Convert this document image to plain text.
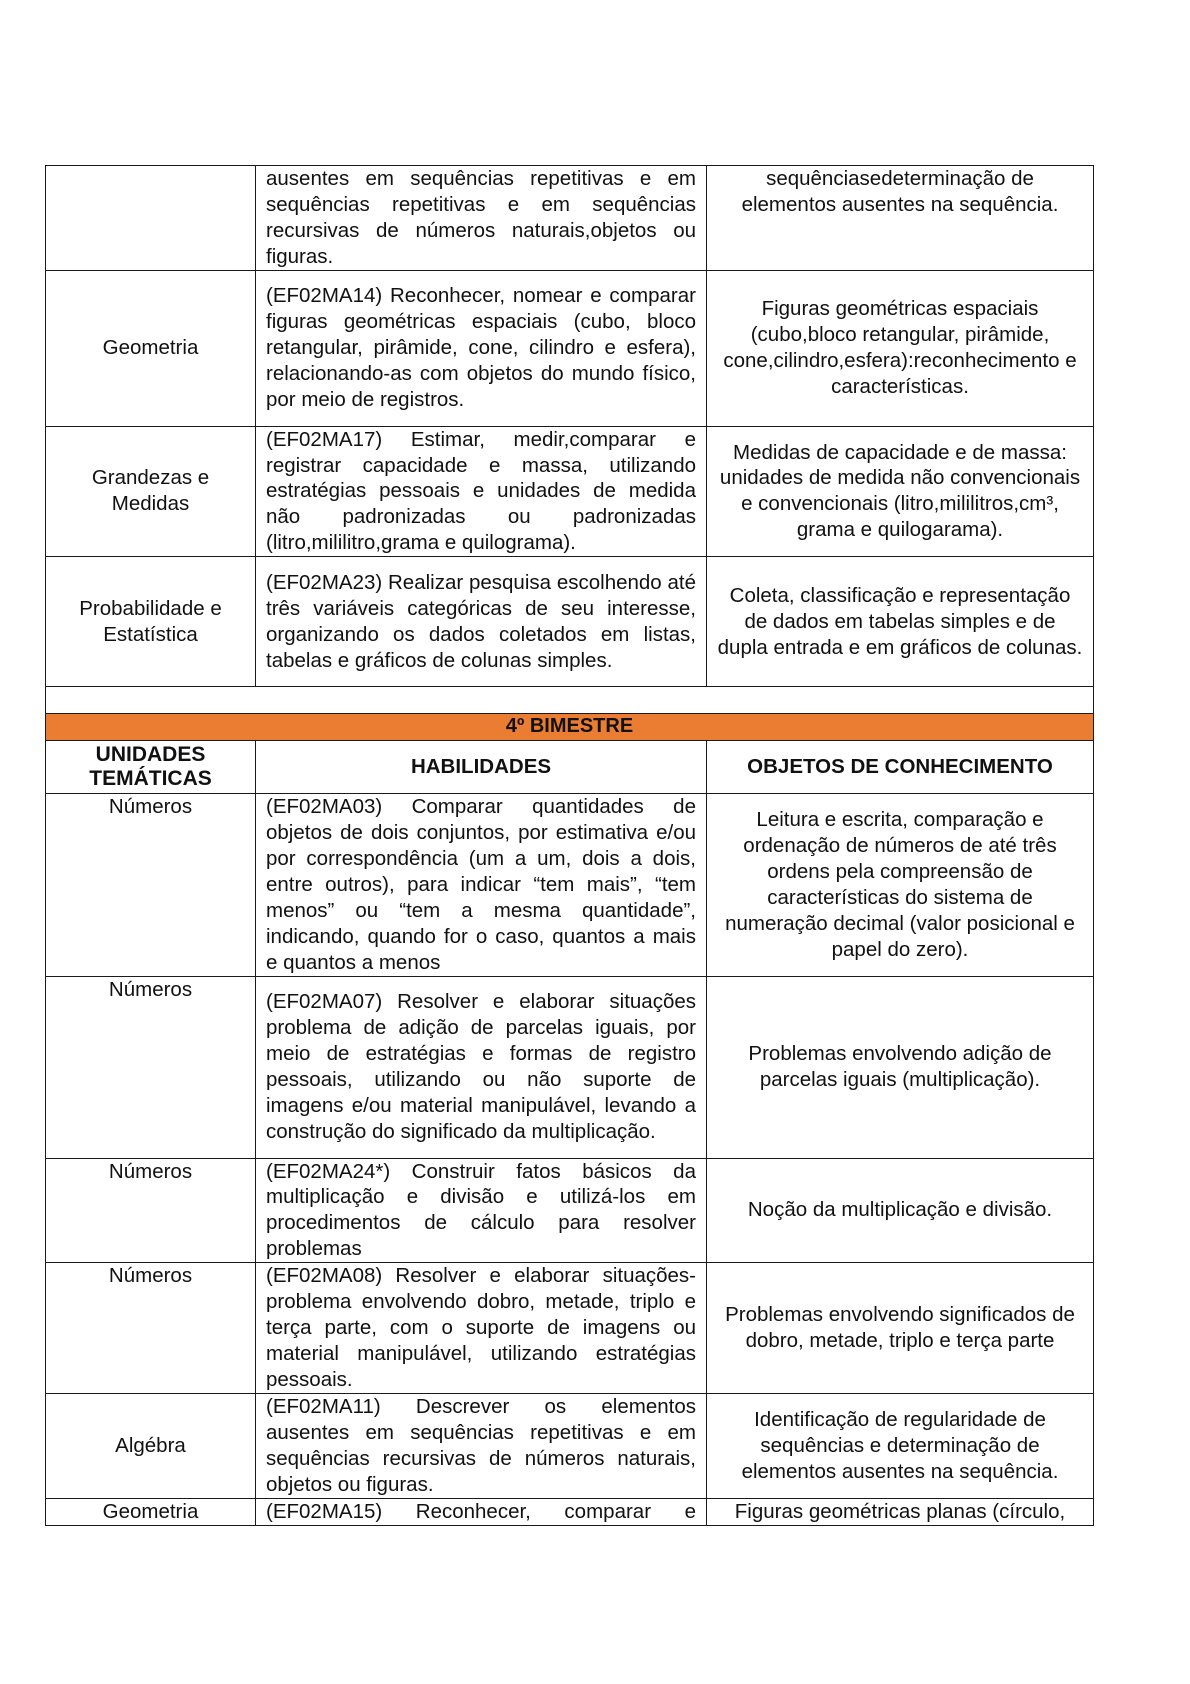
	ausentes em sequências repetitivas e em sequências repetitivas e em sequências recursivas de números naturais,objetos ou figuras.	sequênciasedeterminação de elementos ausentes na sequência.
Geometria	(EF02MA14) Reconhecer, nomear e comparar figuras geométricas espaciais (cubo, bloco retangular, pirâmide, cone, cilindro e esfera), relacionando-as com objetos do mundo físico, por meio de registros.	Figuras geométricas espaciais (cubo,bloco retangular, pirâmide, cone,cilindro,esfera):reconhecimento e características.
Grandezas e Medidas	(EF02MA17) Estimar, medir,comparar e registrar capacidade e massa, utilizando estratégias pessoais e unidades de medida não padronizadas ou padronizadas (litro,mililitro,grama e quilograma).	Medidas de capacidade e de massa: unidades de medida não convencionais e convencionais (litro,mililitros,cm³, grama e quilogarama).
Probabilidade e Estatística	(EF02MA23) Realizar pesquisa escolhendo até três variáveis categóricas de seu interesse, organizando os dados coletados em listas, tabelas e gráficos de colunas simples.	Coleta, classificação e representação de dados em tabelas simples e de dupla entrada e em gráficos de colunas.

4º BIMESTRE		
UNIDADES TEMÁTICAS	HABILIDADES	OBJETOS DE CONHECIMENTO
Números	(EF02MA03) Comparar quantidades de objetos de dois conjuntos, por estimativa e/ou por correspondência (um a um, dois a dois, entre outros), para indicar “tem mais”, “tem menos” ou “tem a mesma quantidade”, indicando, quando for o caso, quantos a mais e quantos a menos	Leitura e escrita, comparação e ordenação de números de até três ordens pela compreensão de características do sistema de numeração decimal (valor posicional e papel do zero).
Números	(EF02MA07) Resolver e elaborar situações problema de adição de parcelas iguais, por meio de estratégias e formas de registro pessoais, utilizando ou não suporte de imagens e/ou material manipulável, levando a construção do significado da multiplicação.	Problemas envolvendo adição de parcelas iguais (multiplicação).
Números	(EF02MA24*) Construir fatos básicos da multiplicação e divisão e utilizá-los em procedimentos de cálculo para resolver problemas	Noção da multiplicação e divisão.
Números	(EF02MA08) Resolver e elaborar situações-problema envolvendo dobro, metade, triplo e terça parte, com o suporte de imagens ou material manipulável, utilizando estratégias pessoais.	Problemas envolvendo significados de dobro, metade, triplo e terça parte
Algébra	(EF02MA11) Descrever os elementos ausentes em sequências repetitivas e em sequências recursivas de números naturais, objetos ou figuras.	Identificação de regularidade de sequências e determinação de elementos ausentes na sequência.
Geometria	(EF02MA15) Reconhecer, comparar e	Figuras geométricas planas (círculo,
